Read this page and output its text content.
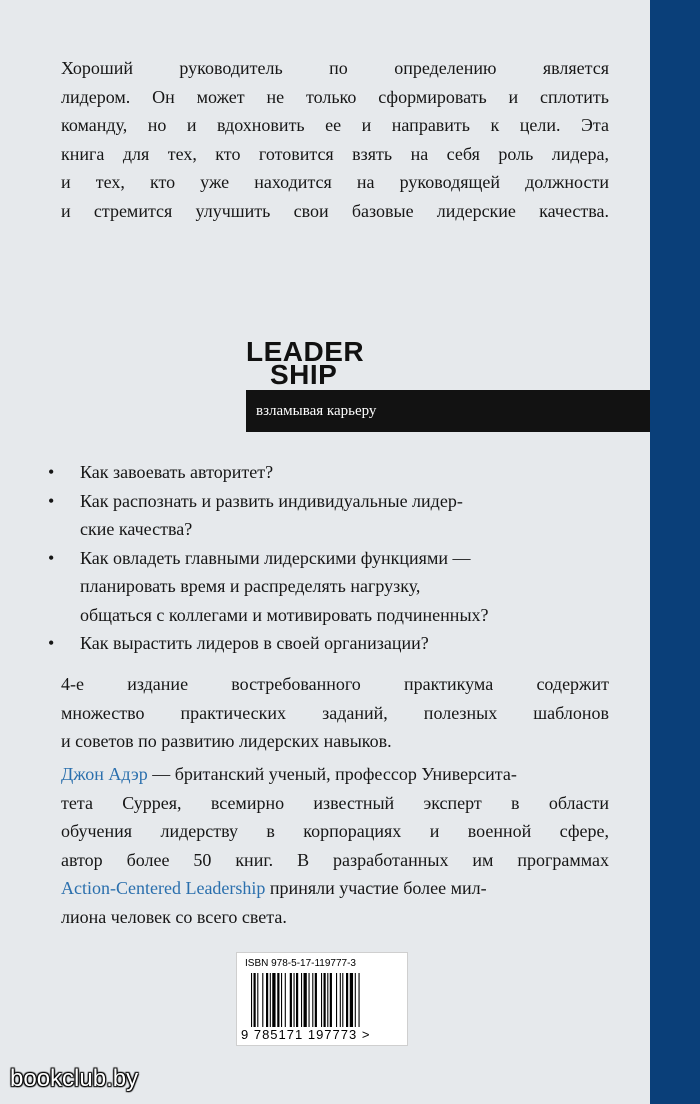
Хороший руководитель по определению является
лидером. Он может не только сформировать и сплотить
команду, но и вдохновить ее и направить к цели. Эта
книга для тех, кто готовится взять на себя роль лидера,
и тех, кто уже находится на руководящей должности
и стремится улучшить свои базовые лидерские качества.
LEADER
SHIP
взламывая карьеру
•	Как завоевать авторитет?
•	Как распознать и развить индивидуальные лидер-
ские качества?
•	Как овладеть главными лидерскими функциями —
планировать время и распределять нагрузку,
общаться с коллегами и мотивировать подчиненных?
•	Как вырастить лидеров в своей организации?
4-е издание востребованного практикума содержит
множество практических заданий, полезных шаблонов
и советов по развитию лидерских навыков.
Джон Адэр — британский ученый, профессор Университа-
тета Суррея, всемирно известный эксперт в области
обучения лидерству в корпорациях и военной сфере,
автор более 50 книг. В разработанных им программах
Action-Centered Leadership приняли участие более мил-
лиона человек со всего света.
ISBN 978-5-17-119777-3
9 785171 197773 >
bookclub.by
